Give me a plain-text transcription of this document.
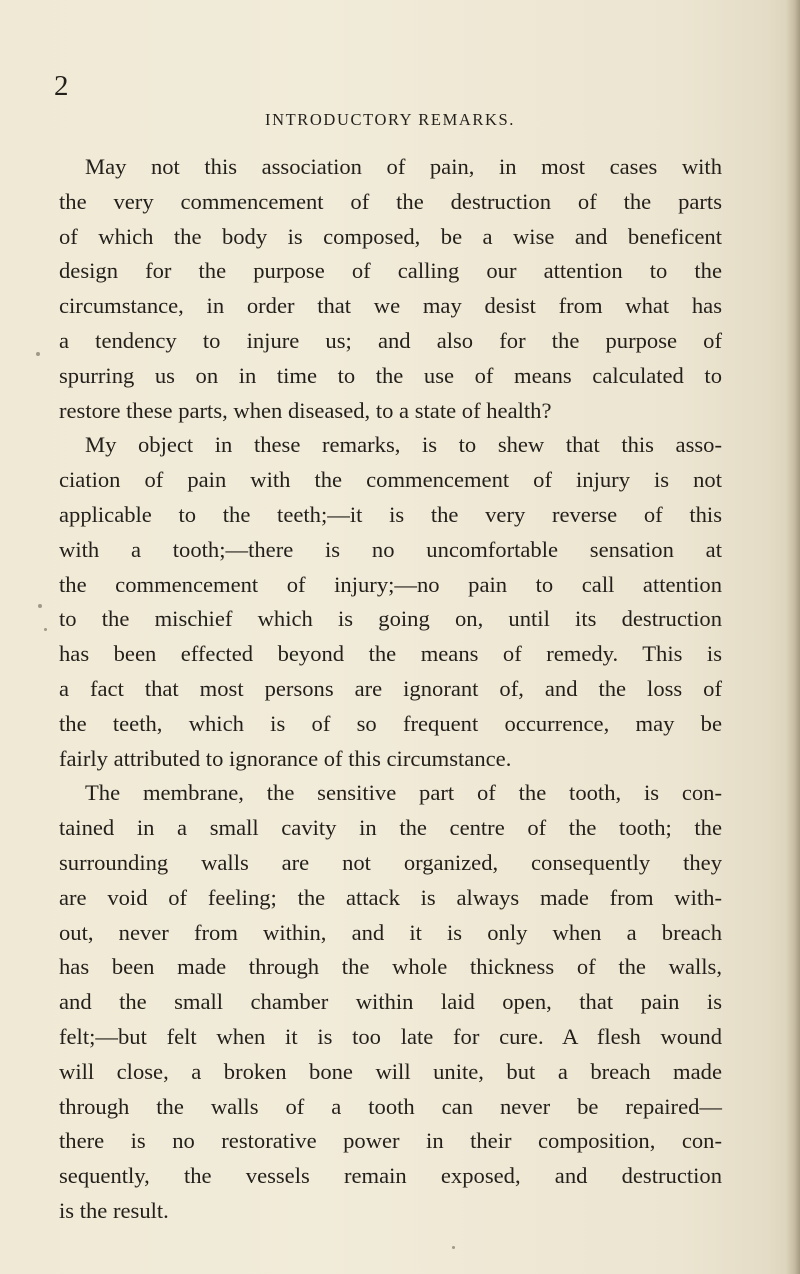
2
INTRODUCTORY REMARKS.
May not this association of pain, in most cases with
the very commencement of the destruction of the parts
of which the body is composed, be a wise and beneficent
design for the purpose of calling our attention to the
circumstance, in order that we may desist from what has
a tendency to injure us; and also for the purpose of
spurring us on in time to the use of means calculated to
restore these parts, when diseased, to a state of health?
My object in these remarks, is to shew that this asso-
ciation of pain with the commencement of injury is not
applicable to the teeth;—it is the very reverse of this
with a tooth;—there is no uncomfortable sensation at
the commencement of injury;—no pain to call attention
to the mischief which is going on, until its destruction
has been effected beyond the means of remedy. This is
a fact that most persons are ignorant of, and the loss of
the teeth, which is of so frequent occurrence, may be
fairly attributed to ignorance of this circumstance.
The membrane, the sensitive part of the tooth, is con-
tained in a small cavity in the centre of the tooth; the
surrounding walls are not organized, consequently they
are void of feeling; the attack is always made from with-
out, never from within, and it is only when a breach
has been made through the whole thickness of the walls,
and the small chamber within laid open, that pain is
felt;—but felt when it is too late for cure. A flesh wound
will close, a broken bone will unite, but a breach made
through the walls of a tooth can never be repaired—
there is no restorative power in their composition, con-
sequently, the vessels remain exposed, and destruction
is the result.
